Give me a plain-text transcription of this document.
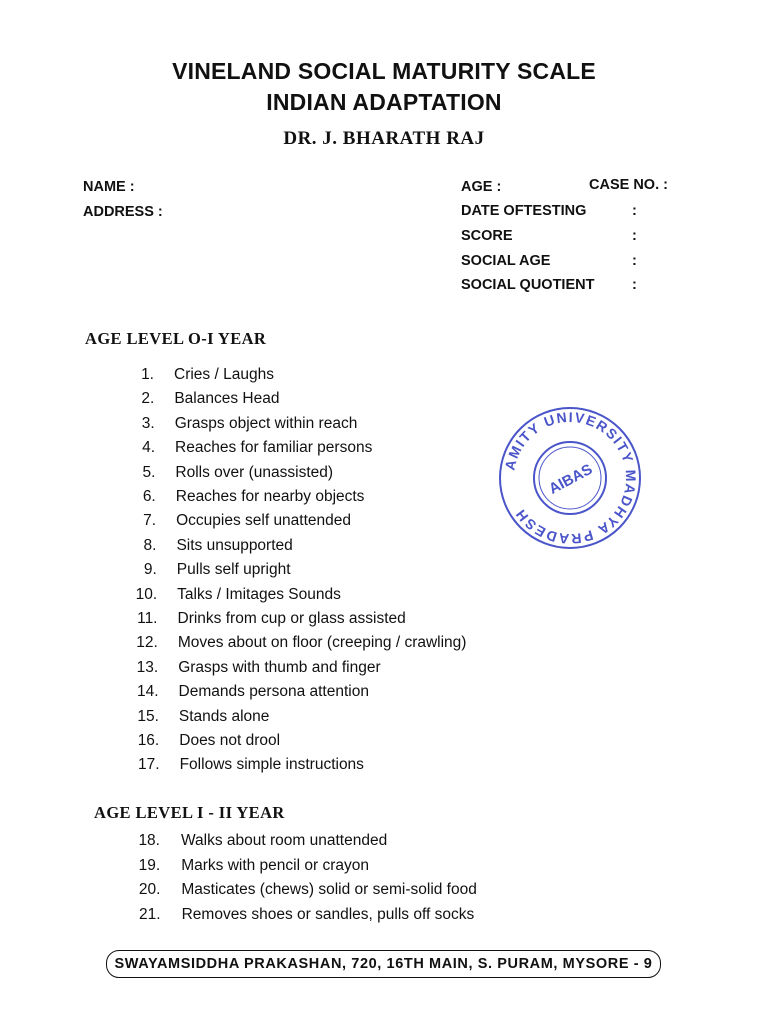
VINELAND SOCIAL MATURITY SCALE
INDIAN ADAPTATION
DR. J. BHARATH RAJ
NAME :
ADDRESS :
AGE :	CASE NO. :
DATE OFTESTING	:
SCORE	:
SOCIAL AGE	:
SOCIAL QUOTIENT	:
AGE LEVEL O-I YEAR
1. Cries / Laughs
2. Balances Head
3. Grasps object within reach
4. Reaches for familiar persons
5. Rolls over (unassisted)
6. Reaches for nearby objects
7. Occupies self unattended
8. Sits unsupported
9. Pulls self upright
10. Talks / Imitages Sounds
11. Drinks from cup or glass assisted
12. Moves about on floor (creeping / crawling)
13. Grasps with thumb and finger
14. Demands persona attention
15. Stands alone
16. Does not drool
17. Follows simple instructions
AGE LEVEL I - II YEAR
18. Walks about room unattended
19. Marks with pencil or crayon
20. Masticates (chews) solid or semi-solid food
21. Removes shoes or sandles, pulls off socks
AMITY UNIVERSITY MADHYA PRADESH
AIBAS
SWAYAMSIDDHA PRAKASHAN, 720, 16TH MAIN, S. PURAM, MYSORE - 9
